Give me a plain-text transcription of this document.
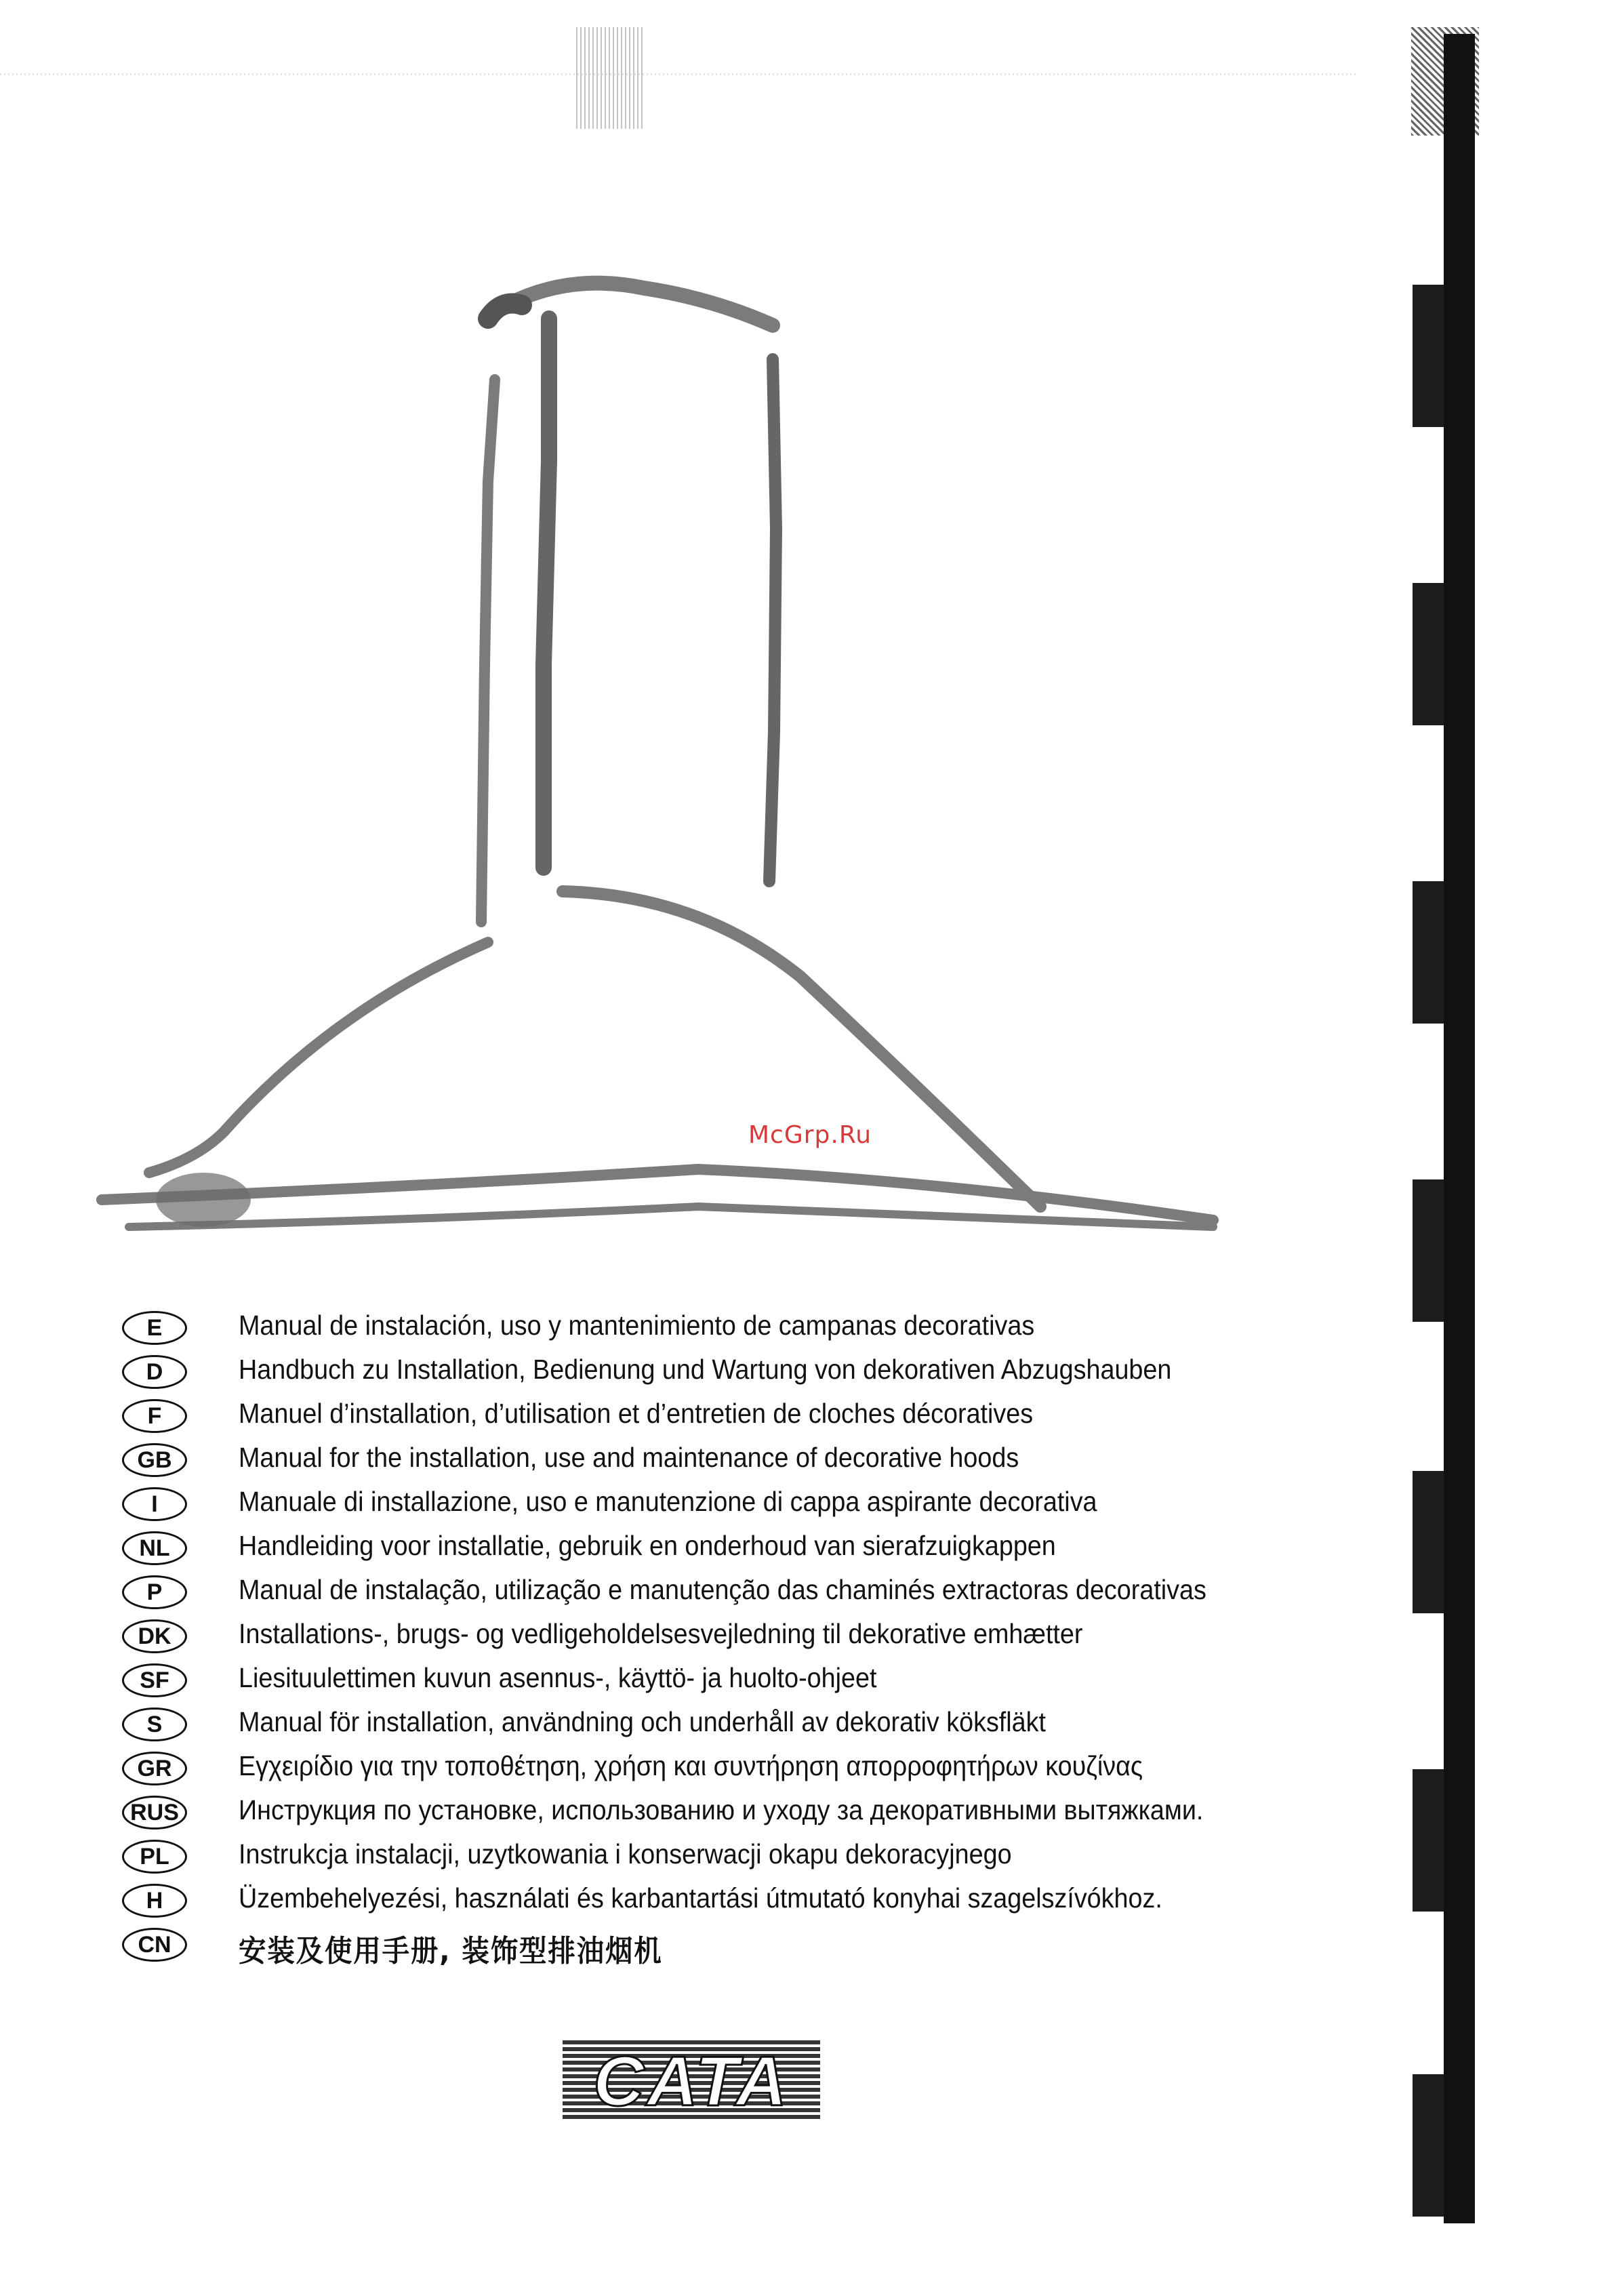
McGrp.Ru
E	Manual de instalación, uso y mantenimiento de campanas decorativas
D	Handbuch zu Installation, Bedienung und Wartung von dekorativen Abzugshauben
F	Manuel d’installation, d’utilisation et d’entretien de cloches décoratives
GB	Manual for the installation, use and maintenance of decorative hoods
I	Manuale di installazione, uso e manutenzione di cappa aspirante decorativa
NL	Handleiding voor installatie, gebruik en onderhoud van sierafzuigkappen
P	Manual de instalação, utilização e manutenção das chaminés extractoras decorativas
DK	Installations-, brugs- og vedligeholdelsesvejledning til dekorative emhætter
SF	Liesituulettimen kuvun asennus-, käyttö- ja huolto-ohjeet
S	Manual för installation, användning och underhåll av dekorativ köksfläkt
GR	Εγχειρίδιο για την τοποθέτηση, χρήση και συντήρηση απορροφητήρων κουζίνας
RUS Инструкция по установке, использованию и уходу за декоративными вытяжками.
PL	Instrukcja instalacji, uzytkowania i konserwacji okapu dekoracyjnego
H	Üzembehelyezési, használati és karbantartási útmutató konyhai szagelszívókhoz.
CN	安装及使用手册, 装饰型排油烟机
CATA
